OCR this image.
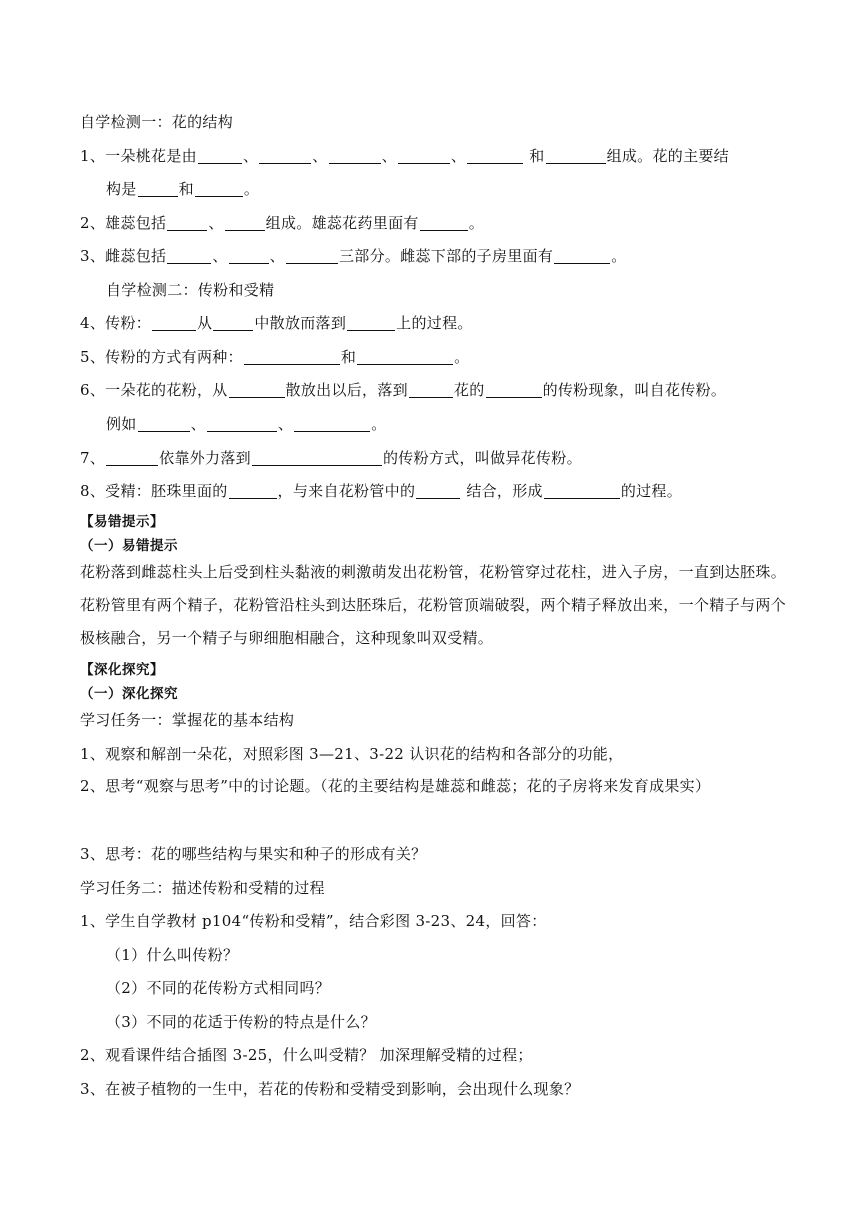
自学检测一：花的结构
1、一朵桃花是由	、	、	、	、	和	组成。花的主要结
构是	和	。
2、雄蕊包括	、	组成。雄蕊花药里面有	。
3、雌蕊包括	、	、	三部分。雌蕊下部的子房里面有	。
自学检测二：传粉和受精
4、传粉：	从	中散放而落到	上的过程。
5、传粉的方式有两种：	和	。
6、一朵花的花粉，从	散放出以后，落到	花的	的传粉现象，叫自花传粉。
例如	、	、	。
7、	依靠外力落到	的传粉方式，叫做异花传粉。
8、受精：胚珠里面的	，与来自花粉管中的	结合，形成	的过程。
【易错提示】
（一）易错提示
花粉落到雌蕊柱头上后受到柱头黏液的刺激萌发出花粉管，花粉管穿过花柱，进入子房，一直到达胚珠。花粉管里有两个精子，花粉管沿柱头到达胚珠后，花粉管顶端破裂，两个精子释放出来，一个精子与两个极核融合，另一个精子与卵细胞相融合，这种现象叫双受精。
【深化探究】
（一）深化探究
学习任务一：掌握花的基本结构
1、观察和解剖一朵花，对照彩图 3—21、3-22 认识花的结构和各部分的功能，
2、思考“观察与思考”中的讨论题。（花的主要结构是雄蕊和雌蕊；花的子房将来发育成果实）
3、思考：花的哪些结构与果实和种子的形成有关？
学习任务二：描述传粉和受精的过程
1、学生自学教材 p104“传粉和受精”，结合彩图 3-23、24，回答：
（1）什么叫传粉？
（2）不同的花传粉方式相同吗？
（3）不同的花适于传粉的特点是什么？
2、观看课件结合插图 3-25，什么叫受精？ 加深理解受精的过程；
3、在被子植物的一生中，若花的传粉和受精受到影响，会出现什么现象？
